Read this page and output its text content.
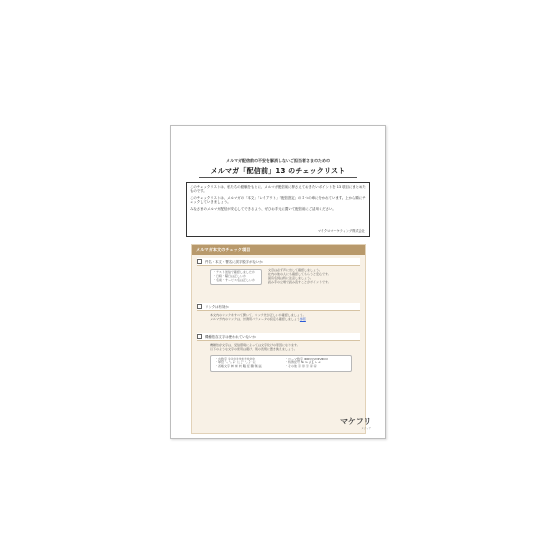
メルマガ配信前の不安を解消しないご担当者さまのための
メルマガ「配信前」13 のチェックリスト

このチェックリストは、私たちの経験をもとに、メルマガ配信前に押さえておきたいポイントを 13 項目にまとめたものです。

このチェックリストは、メルマガの「本文」「レイアウト」「配信設定」の３つの章に分かれています。上から順にチェックしていきましょう。

みなさまのメルマガ配信が安心してできるよう、ぜひお手元に置いて配信前にご活用ください。

マイクロマーケティング株式会社
メルマガ本文のチェック項目
件名・本文・署名に誤字脱字がないか
・テスト送信で確認しましたか
・日時・曜日は正しいか
・名前・サービス名は正しいか
文章は必ず声に出して確認しましょう。
社内の他の人にも確認してもらうと安心です。
固有名詞は特に注意しましょう。
読み手の立場で読み直すことがポイントです。
リンクは有効か
本文内のリンクをすべて開いて、リンク先が正しいか確認しましょう。
メルマガ内のリンクは、計測用パラメータの設定も確認しましょう参照
機種依存文字は使われていないか
機種依存文字は、受信環境によっては文字化けの原因になります。
以下のような文字の使用は避け、別の表現に置き換えましょう。
・丸数字 ①②③④⑤⑥⑦⑧⑨⑩
・単位 ㍉ ㌔ ㌢ ㍍ ㌘ ㌧ ㌃ ㌶
・省略文字 ㈱ ㈲ ㈹ ㍾ ㍽ ㍼ ㍻ ㏍
・ローマ数字 ⅠⅡⅢⅣⅤⅥⅦⅧⅨⅩ
・特殊記号 № ℡ ∮ ∑ ∟ ⊿
・その他 ㊤ ㊥ ㊦ ㊧ ㊨
マケフリ
メディア
